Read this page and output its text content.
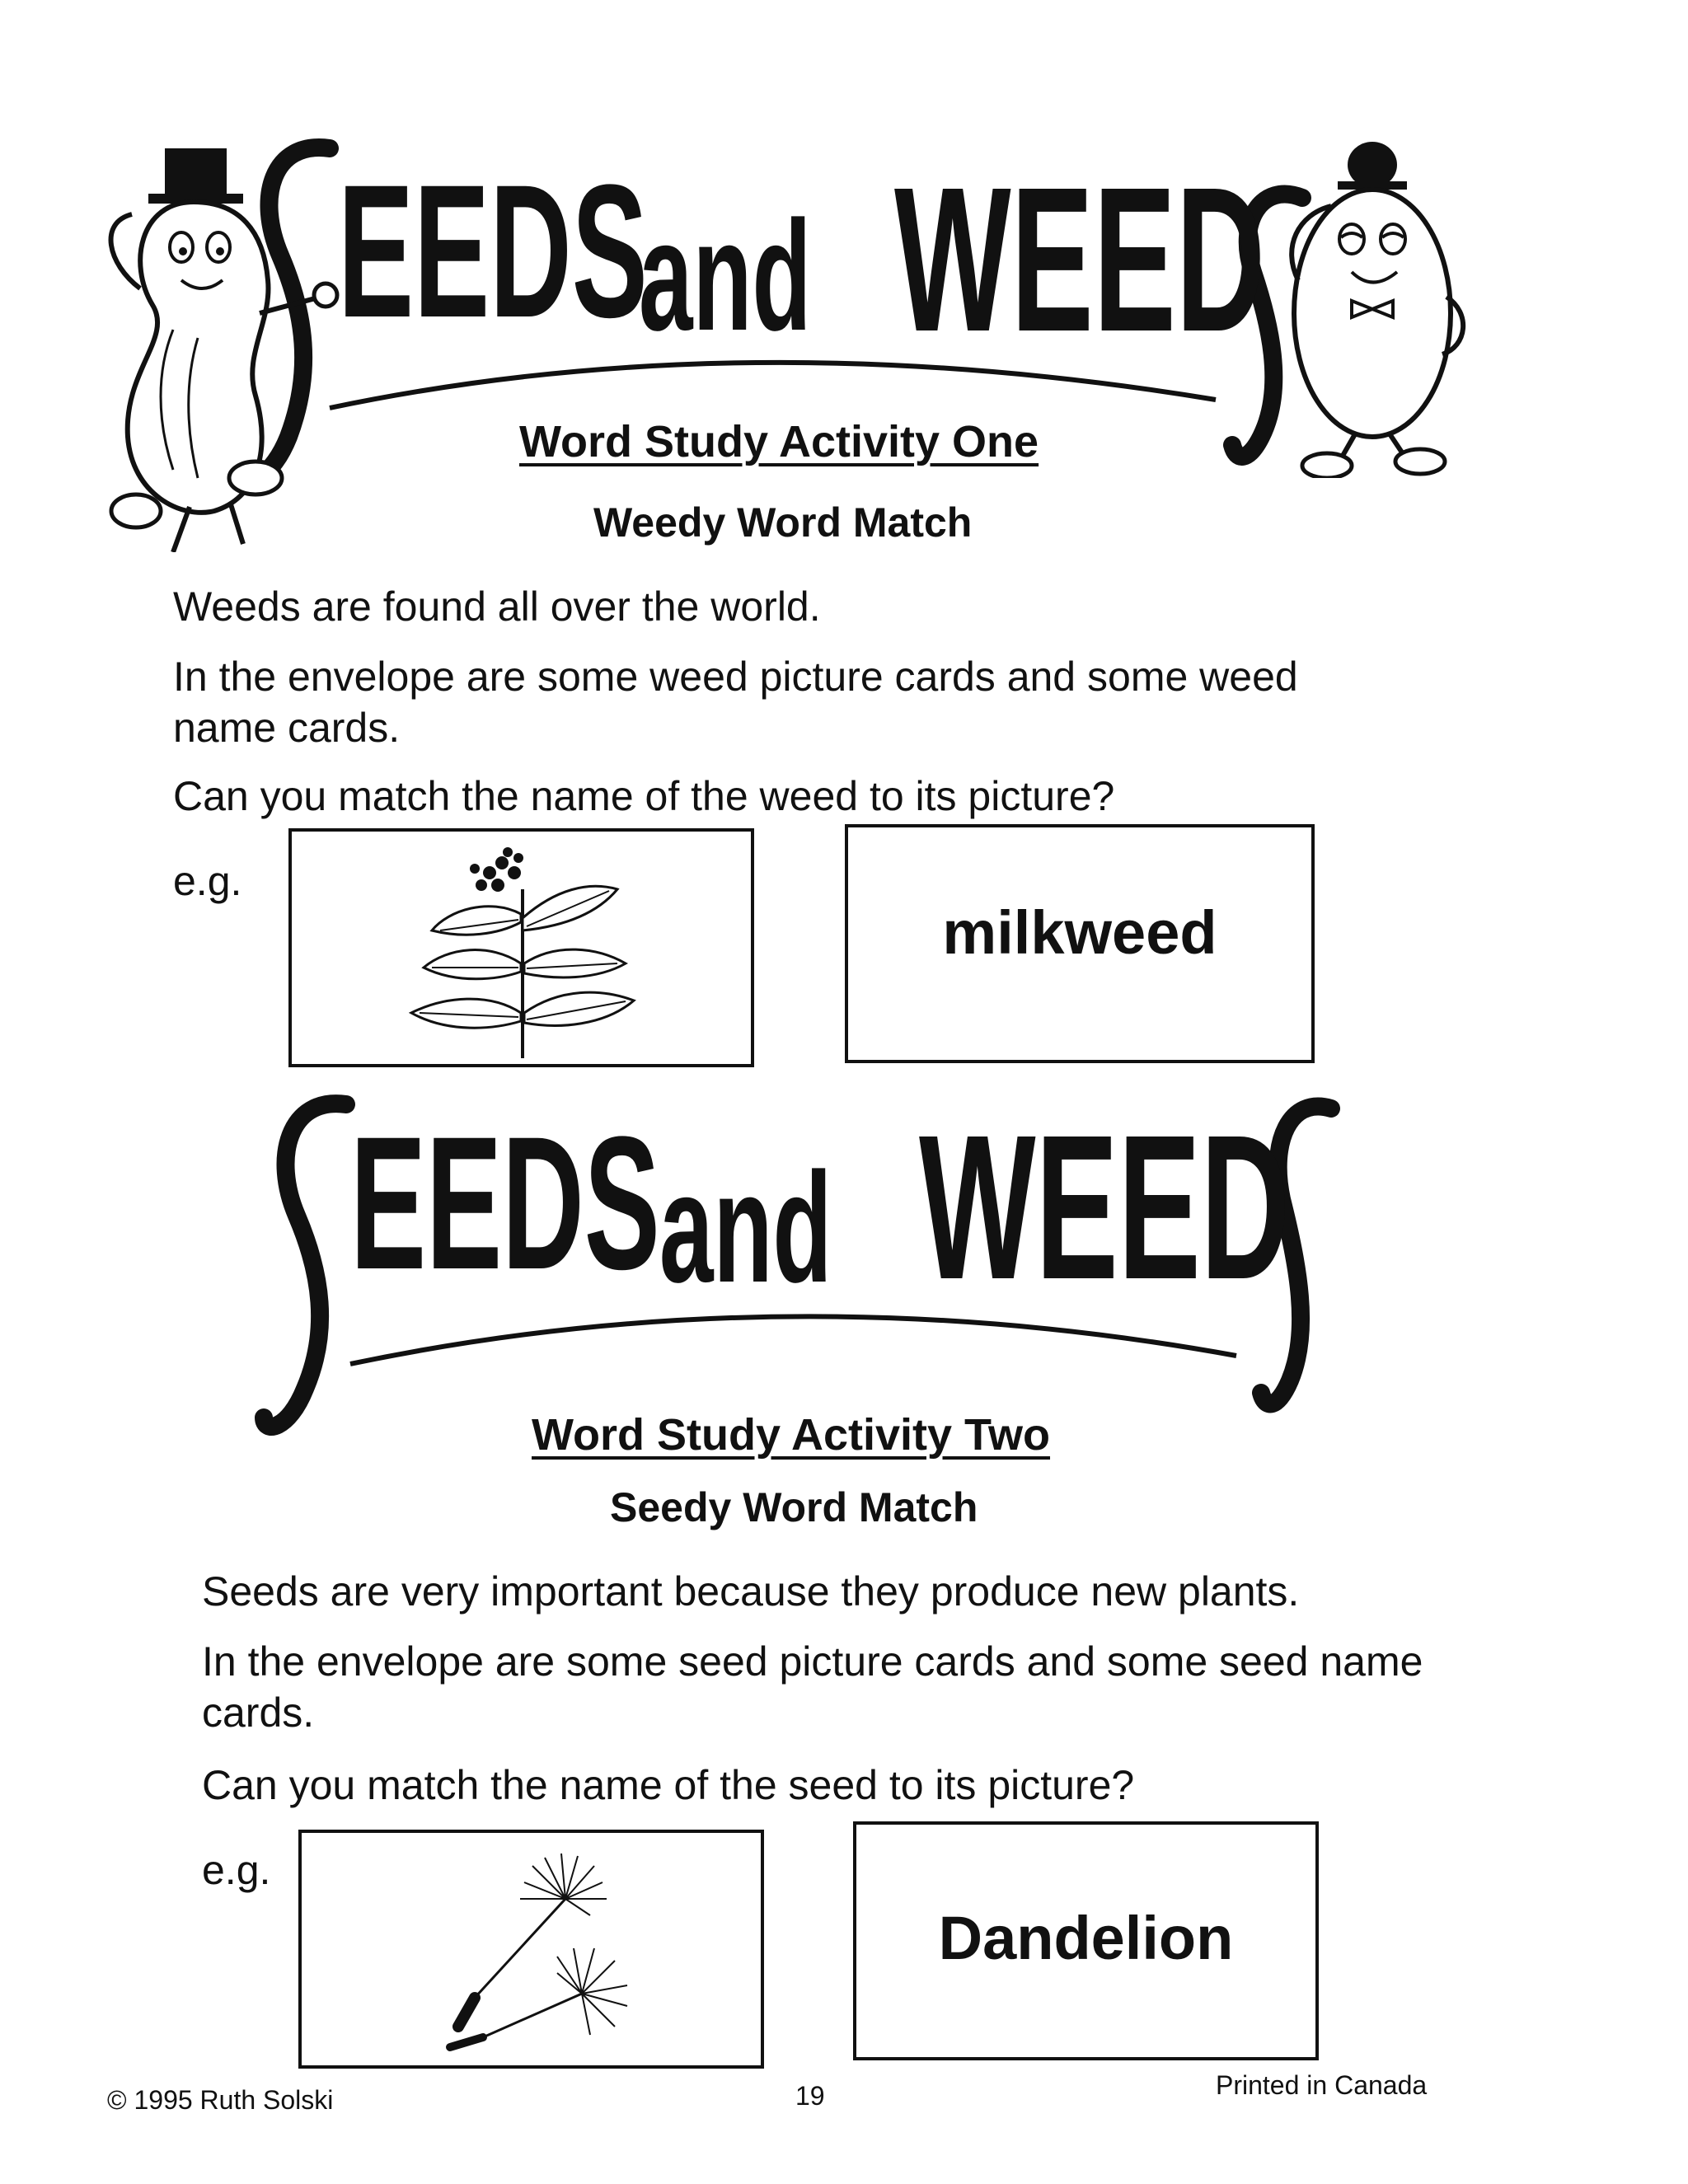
EEDS
and WEED
Word Study Activity One
Weedy Word Match
Weeds are found all over the world.
In the envelope are some weed picture cards and some weed name cards.
Can you match the name of the weed to its picture?
e.g.
milkweed
EEDS and WEED
Word Study Activity Two
Seedy Word Match
Seeds are very important because they produce new plants.
In the envelope are some seed picture cards and some seed name cards.
Can you match the name of the seed to its picture?
e.g.
Dandelion
© 1995 Ruth Solski	19	Printed in Canada
